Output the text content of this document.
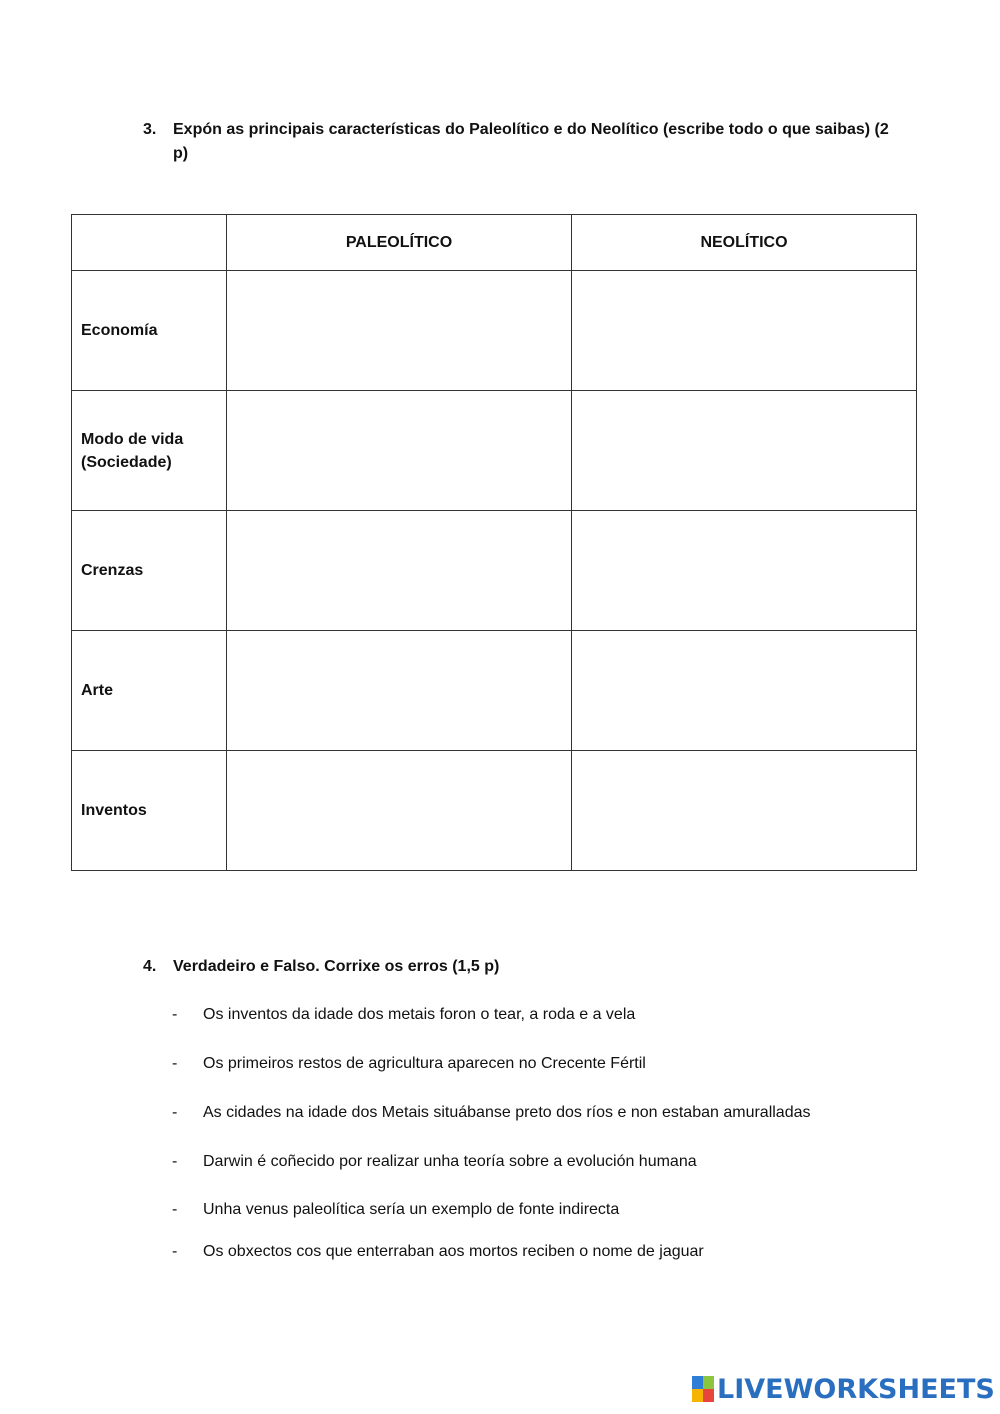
3. Expón as principais características do Paleolítico e do Neolítico (escribe todo o que saibas) (2 p)
	PALEOLÍTICO	NEOLÍTICO
Economía		
Modo de vida (Sociedade)		
Crenzas		
Arte		
Inventos		
4. Verdadeiro e Falso. Corrixe os erros (1,5 p)
- Os inventos da idade dos metais foron o tear, a roda e a vela
- Os primeiros restos de agricultura aparecen no Crecente Fértil
- As cidades na idade dos Metais situábanse preto dos ríos e non estaban amuralladas
- Darwin é coñecido por realizar unha teoría sobre a evolución humana
- Unha venus paleolítica sería un exemplo de fonte indirecta
- Os obxectos cos que enterraban aos mortos reciben o nome de jaguar
LIVEWORKSHEETS
